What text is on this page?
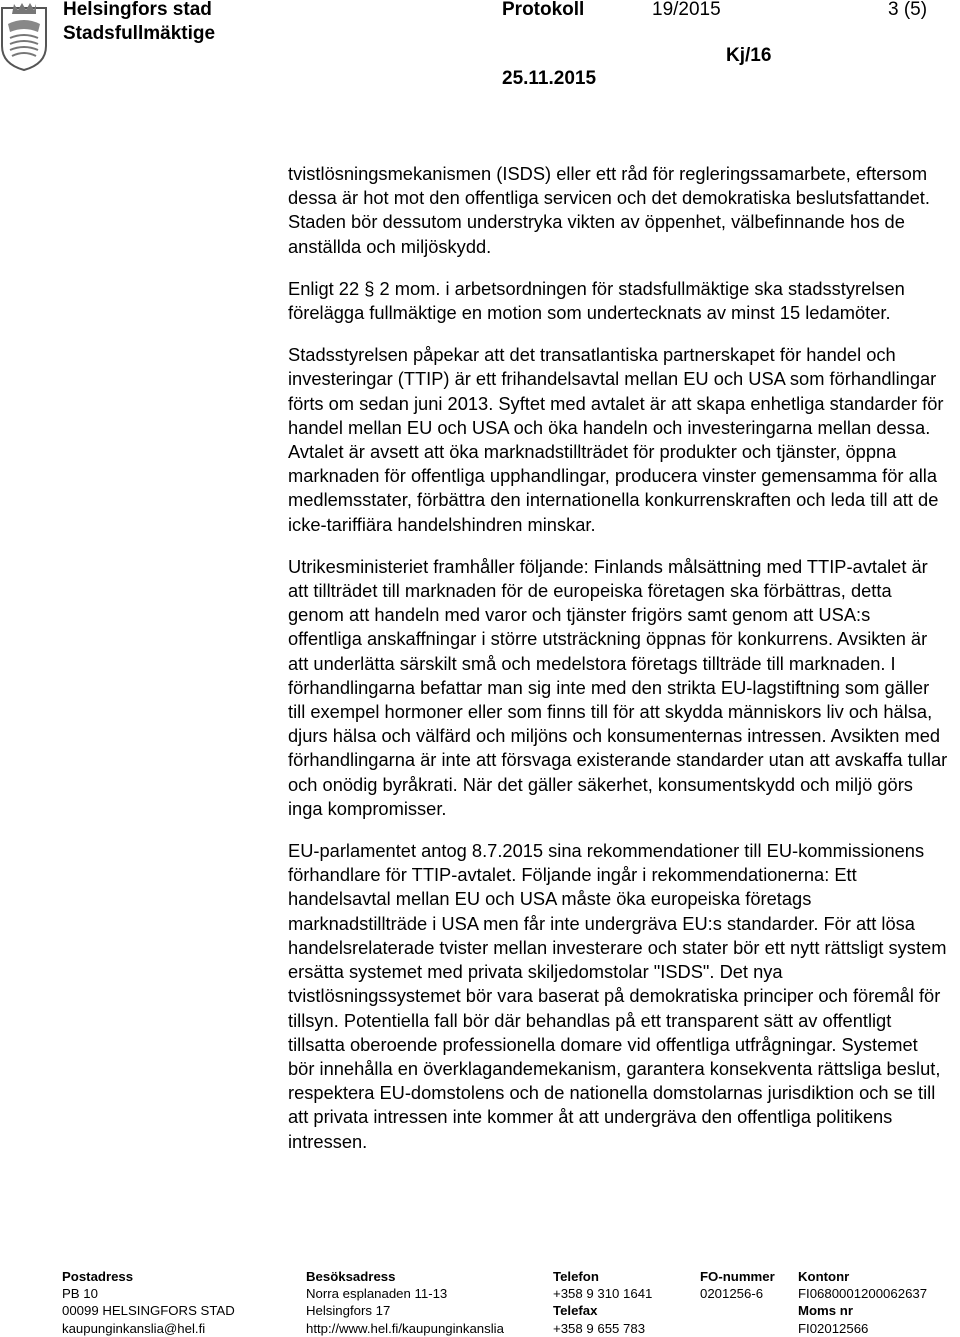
Helsingfors stad
Stadsfullmäktige
Protokoll	19/2015	3 (5)
Kj/16
25.11.2015

tvistlösningsmekanismen (ISDS) eller ett råd för regleringssamarbete, eftersom dessa är hot mot den offentliga servicen och det demokratiska beslutsfattandet. Staden bör dessutom understryka vikten av öppenhet, välbefinnande hos de anställda och miljöskydd.

Enligt 22 § 2 mom. i arbetsordningen för stadsfullmäktige ska stadsstyrelsen förelägga fullmäktige en motion som undertecknats av minst 15 ledamöter.

Stadsstyrelsen påpekar att det transatlantiska partnerskapet för handel och investeringar (TTIP) är ett frihandelsavtal mellan EU och USA som förhandlingar förts om sedan juni 2013. Syftet med avtalet är att skapa enhetliga standarder för handel mellan EU och USA och öka handeln och investeringarna mellan dessa. Avtalet är avsett att öka marknadstillträdet för produkter och tjänster, öppna marknaden för offentliga upphandlingar, producera vinster gemensamma för alla medlemsstater, förbättra den internationella konkurrenskraften och leda till att de icke-tariffiära handelshindren minskar.

Utrikesministeriet framhåller följande: Finlands målsättning med TTIP-avtalet är att tillträdet till marknaden för de europeiska företagen ska förbättras, detta genom att handeln med varor och tjänster frigörs samt genom att USA:s offentliga anskaffningar i större utsträckning öppnas för konkurrens. Avsikten är att underlätta särskilt små och medelstora företags tillträde till marknaden. I förhandlingarna befattar man sig inte med den strikta EU-lagstiftning som gäller till exempel hormoner eller som finns till för att skydda människors liv och hälsa, djurs hälsa och välfärd och miljöns och konsumenternas intressen. Avsikten med förhandlingarna är inte att försvaga existerande standarder utan att avskaffa tullar och onödig byråkrati. När det gäller säkerhet, konsumentskydd och miljö görs inga kompromisser.

EU-parlamentet antog 8.7.2015 sina rekommendationer till EU-kommissionens förhandlare för TTIP-avtalet. Följande ingår i rekommendationerna: Ett handelsavtal mellan EU och USA måste öka europeiska företags marknadstillträde i USA men får inte undergräva EU:s standarder. För att lösa handelsrelaterade tvister mellan investerare och stater bör ett nytt rättsligt system ersätta systemet med privata skiljedomstolar "ISDS". Det nya tvistlösningssystemet bör vara baserat på demokratiska principer och föremål för tillsyn. Potentiella fall bör där behandlas på ett transparent sätt av offentligt tillsatta oberoende professionella domare vid offentliga utfrågningar. Systemet bör innehålla en överklagandemekanism, garantera konsekventa rättsliga beslut, respektera EU-domstolens och de nationella domstolarnas jurisdiktion och se till att privata intressen inte kommer åt att undergräva den offentliga politikens intressen.

Postadress
PB 10
00099 HELSINGFORS STAD
kaupunginkanslia@hel.fi
Besöksadress
Norra esplanaden 11-13
Helsingfors 17
http://www.hel.fi/kaupunginkanslia
Telefon
+358 9 310 1641
Telefax
+358 9 655 783
FO-nummer
0201256-6
Kontonr
FI0680001200062637
Moms nr
FI02012566
